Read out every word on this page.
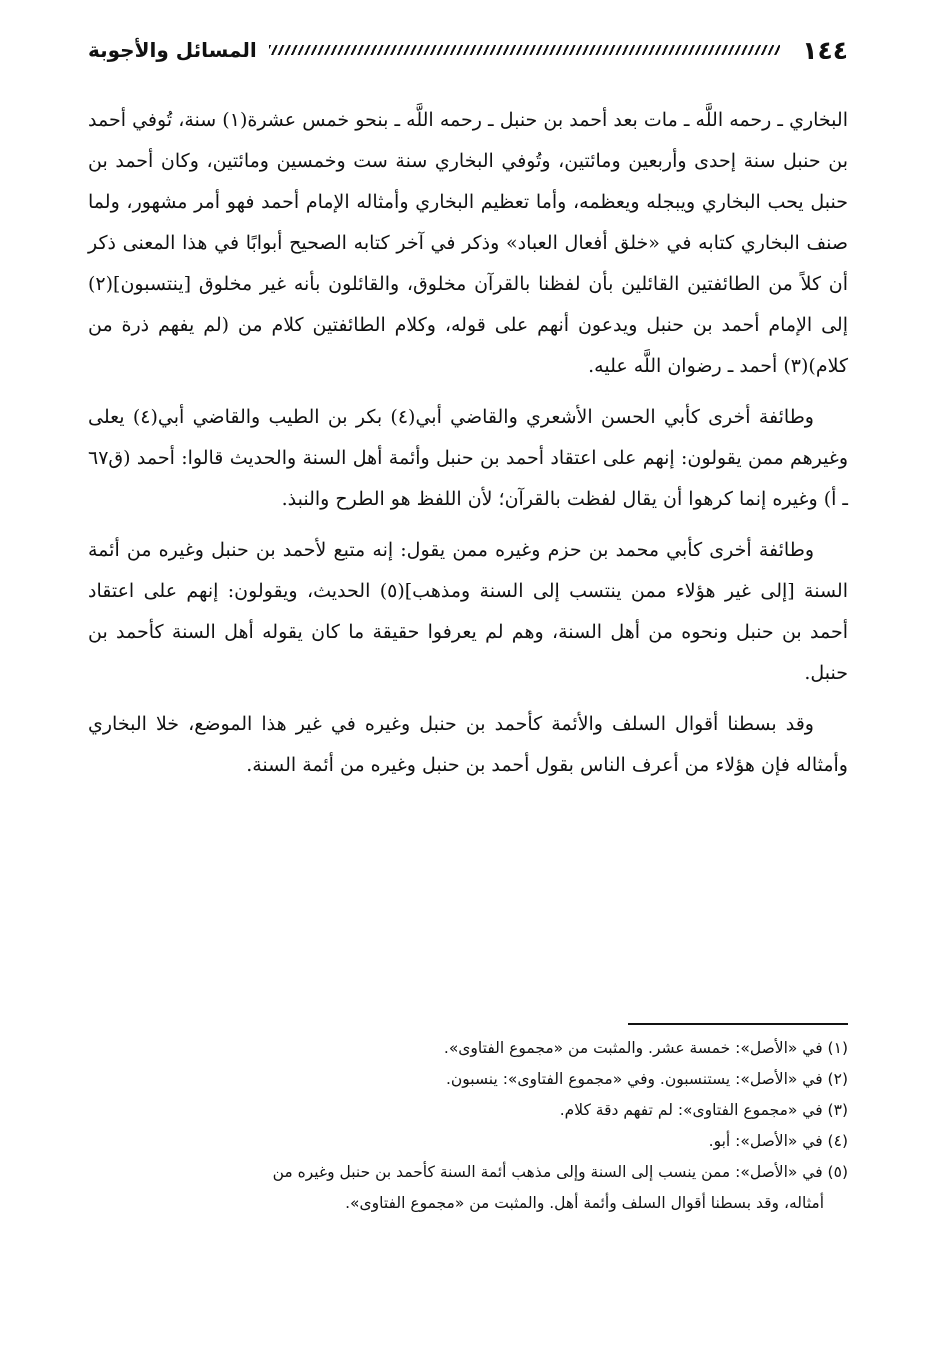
١٤٤
المسائل والأجوبة

البخاري ـ رحمه اللَّه ـ مات بعد أحمد بن حنبل ـ رحمه اللَّه ـ بنحو خمس عشرة(١) سنة، تُوفي أحمد بن حنبل سنة إحدى وأربعين ومائتين، وتُوفي البخاري سنة ست وخمسين ومائتين، وكان أحمد بن حنبل يحب البخاري ويبجله ويعظمه، وأما تعظيم البخاري وأمثاله الإمام أحمد فهو أمر مشهور، ولما صنف البخاري كتابه في «خلق أفعال العباد» وذكر في آخر كتابه الصحيح أبوابًا في هذا المعنى ذكر أن كلاً من الطائفتين القائلين بأن لفظنا بالقرآن مخلوق، والقائلون بأنه غير مخلوق [ينتسبون](٢) إلى الإمام أحمد بن حنبل ويدعون أنهم على قوله، وكلام الطائفتين كلام من (لم يفهم ذرة من كلام)(٣) أحمد ـ رضوان اللَّه عليه.

وطائفة أخرى كأبي الحسن الأشعري والقاضي أبي(٤) بكر بن الطيب والقاضي أبي(٤) يعلى وغيرهم ممن يقولون: إنهم على اعتقاد أحمد بن حنبل وأئمة أهل السنة والحديث قالوا: أحمد (ق٦٧ ـ أ) وغيره إنما كرهوا أن يقال لفظت بالقرآن؛ لأن اللفظ هو الطرح والنبذ.

وطائفة أخرى كأبي محمد بن حزم وغيره ممن يقول: إنه متبع لأحمد بن حنبل وغيره من أئمة السنة [إلى غير هؤلاء ممن ينتسب إلى السنة ومذهب](٥) الحديث، ويقولون: إنهم على اعتقاد أحمد بن حنبل ونحوه من أهل السنة، وهم لم يعرفوا حقيقة ما كان يقوله أهل السنة كأحمد بن حنبل.

وقد بسطنا أقوال السلف والأئمة كأحمد بن حنبل وغيره في غير هذا الموضع، خلا البخاري وأمثاله فإن هؤلاء من أعرف الناس بقول أحمد بن حنبل وغيره من أئمة السنة.

(١) في «الأصل»: خمسة عشر. والمثبت من «مجموع الفتاوى».

(٢) في «الأصل»: يستنسبون. وفي «مجموع الفتاوى»: ينسبون.

(٣) في «مجموع الفتاوى»: لم تفهم دقة كلام.

(٤) في «الأصل»: أبو.

(٥) في «الأصل»: ممن ينسب إلى السنة وإلى مذهب أئمة السنة كأحمد بن حنبل وغيره من

أمثاله، وقد بسطنا أقوال السلف وأئمة أهل. والمثبت من «مجموع الفتاوى».
